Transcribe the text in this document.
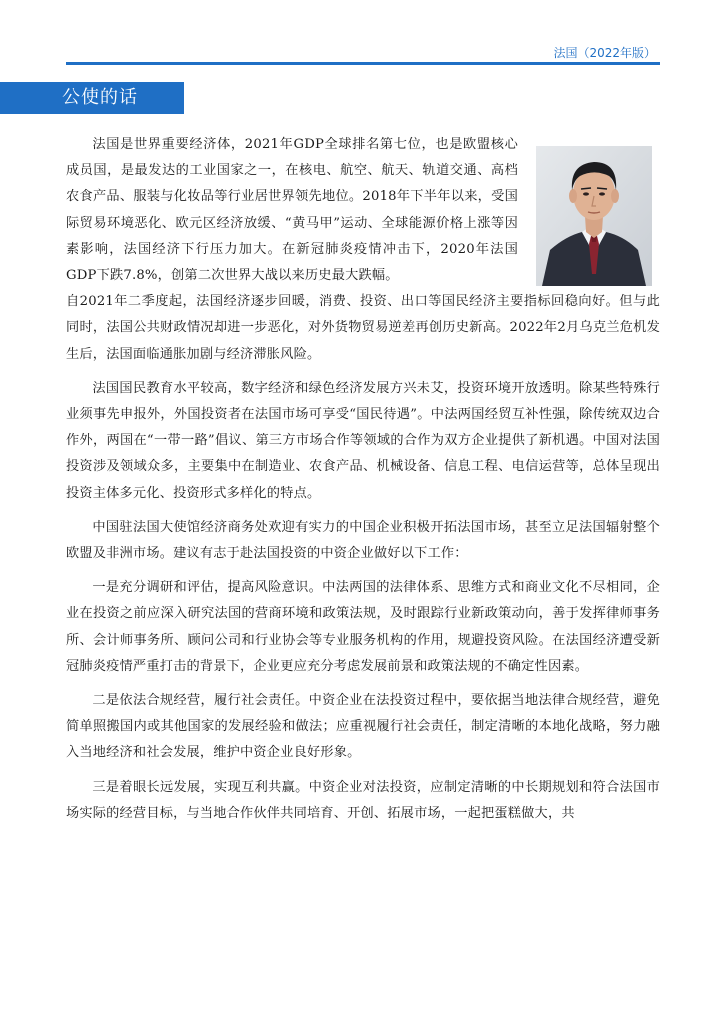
法国（2022年版）
公使的话

法国是世界重要经济体，2021年GDP全球排名第七位，也是欧盟核心成员国，是最发达的工业国家之一，在核电、航空、航天、轨道交通、高档农食产品、服装与化妆品等行业居世界领先地位。2018年下半年以来，受国际贸易环境恶化、欧元区经济放缓、“黄马甲”运动、全球能源价格上涨等因素影响，法国经济下行压力加大。在新冠肺炎疫情冲击下，2020年法国GDP下跌7.8%，创第二次世界大战以来历史最大跌幅。

自2021年二季度起，法国经济逐步回暖，消费、投资、出口等国民经济主要指标回稳向好。但与此同时，法国公共财政情况却进一步恶化，对外货物贸易逆差再创历史新高。2022年2月乌克兰危机发生后，法国面临通胀加剧与经济滞胀风险。

法国国民教育水平较高，数字经济和绿色经济发展方兴未艾，投资环境开放透明。除某些特殊行业须事先申报外，外国投资者在法国市场可享受“国民待遇”。中法两国经贸互补性强，除传统双边合作外，两国在“一带一路”倡议、第三方市场合作等领域的合作为双方企业提供了新机遇。中国对法国投资涉及领域众多，主要集中在制造业、农食产品、机械设备、信息工程、电信运营等，总体呈现出投资主体多元化、投资形式多样化的特点。

中国驻法国大使馆经济商务处欢迎有实力的中国企业积极开拓法国市场，甚至立足法国辐射整个欧盟及非洲市场。建议有志于赴法国投资的中资企业做好以下工作：

一是充分调研和评估，提高风险意识。中法两国的法律体系、思维方式和商业文化不尽相同，企业在投资之前应深入研究法国的营商环境和政策法规，及时跟踪行业新政策动向，善于发挥律师事务所、会计师事务所、顾问公司和行业协会等专业服务机构的作用，规避投资风险。在法国经济遭受新冠肺炎疫情严重打击的背景下，企业更应充分考虑发展前景和政策法规的不确定性因素。

二是依法合规经营，履行社会责任。中资企业在法投资过程中，要依据当地法律合规经营，避免简单照搬国内或其他国家的发展经验和做法；应重视履行社会责任，制定清晰的本地化战略，努力融入当地经济和社会发展，维护中资企业良好形象。

三是着眼长远发展，实现互利共赢。中资企业对法投资，应制定清晰的中长期规划和符合法国市场实际的经营目标，与当地合作伙伴共同培育、开创、拓展市场，一起把蛋糕做大，共
